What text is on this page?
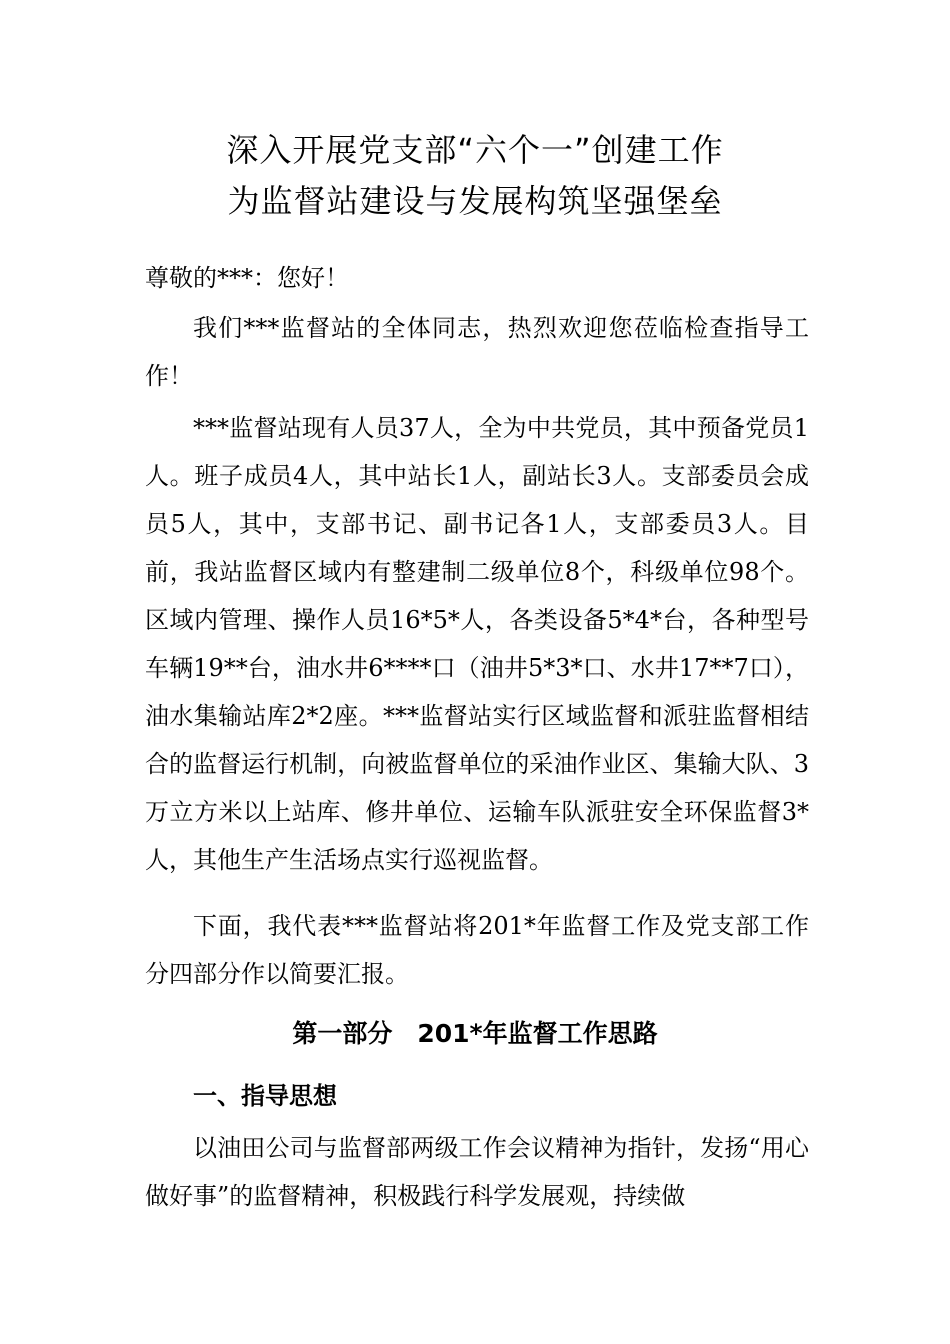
深入开展党支部“六个一”创建工作
为监督站建设与发展构筑坚强堡垒
尊敬的***：您好！
我们***监督站的全体同志，热烈欢迎您莅临检查指导工作！
***监督站现有人员37人，全为中共党员，其中预备党员1人。班子成员4人，其中站长1人，副站长3人。支部委员会成员5人，其中，支部书记、副书记各1人，支部委员3人。目前，我站监督区域内有整建制二级单位8个，科级单位98个。区域内管理、操作人员16*5*人，各类设备5*4*台，各种型号车辆19**台，油水井6****口（油井5*3*口、水井17**7口），油水集输站库2*2座。***监督站实行区域监督和派驻监督相结合的监督运行机制，向被监督单位的采油作业区、集输大队、3万立方米以上站库、修井单位、运输车队派驻安全环保监督3*人，其他生产生活场点实行巡视监督。
下面，我代表***监督站将201*年监督工作及党支部工作分四部分作以简要汇报。
第一部分　201*年监督工作思路
一、指导思想
以油田公司与监督部两级工作会议精神为指针，发扬“用心做好事”的监督精神，积极践行科学发展观，持续做
